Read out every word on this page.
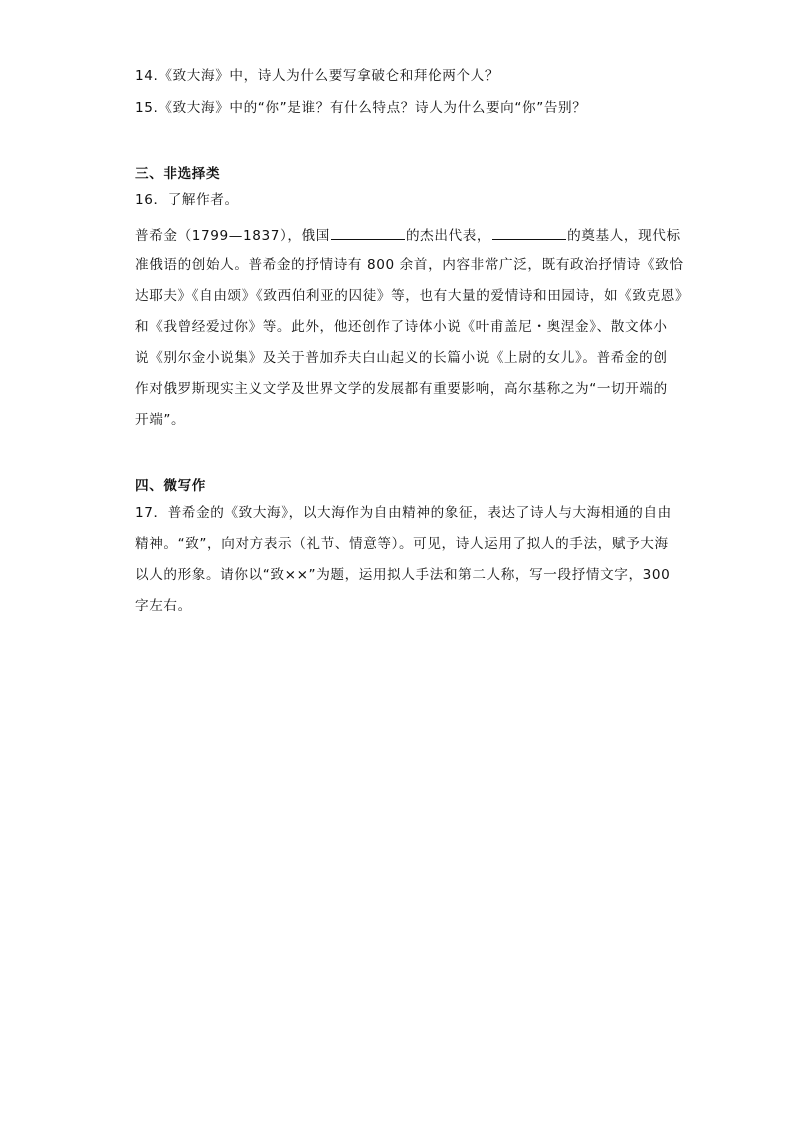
14.《致大海》中，诗人为什么要写拿破仑和拜伦两个人？
15.《致大海》中的“你”是谁？有什么特点？诗人为什么要向“你”告别？
三、非选择类
16．了解作者。
普希金（1799—1837），俄国	的杰出代表，	的奠基人，现代标
准俄语的创始人。普希金的抒情诗有 800 余首，内容非常广泛，既有政治抒情诗《致恰
达耶夫》《自由颂》《致西伯利亚的囚徒》等，也有大量的爱情诗和田园诗，如《致克恩》
和《我曾经爱过你》等。此外，他还创作了诗体小说《叶甫盖尼・奥涅金》、散文体小
说《别尔金小说集》及关于普加乔夫白山起义的长篇小说《上尉的女儿》。普希金的创
作对俄罗斯现实主义文学及世界文学的发展都有重要影响，高尔基称之为“一切开端的
开端”。
四、微写作
17．普希金的《致大海》，以大海作为自由精神的象征，表达了诗人与大海相通的自由
精神。“致”，向对方表示（礼节、情意等）。可见，诗人运用了拟人的手法，赋予大海
以人的形象。请你以“致××”为题，运用拟人手法和第二人称，写一段抒情文字，300
字左右。
